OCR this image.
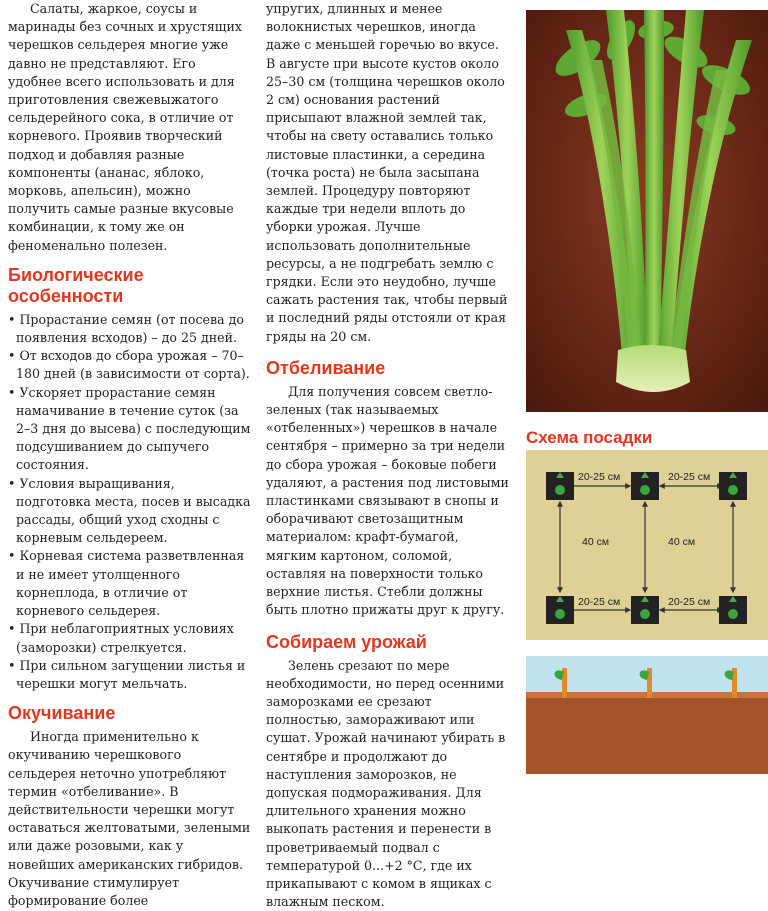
Салаты, жаркое, соусы и маринады без сочных и хрустящих черешков сельдерея многие уже давно не представляют. Его удобнее всего использовать и для приготовления свежевыжатого сельдерейного сока, в отличие от корневого. Проявив творческий подход и добавляя разные компоненты (ананас, яблоко, морковь, апельсин), можно получить самые разные вкусовые комбинации, к тому же он феноменально полезен.

Биологические особенности
• Прорастание семян (от посева до появления всходов) – до 25 дней.
• От всходов до сбора урожая – 70–180 дней (в зависимости от сорта).
• Ускоряет прорастание семян намачивание в течение суток (за 2–3 дня до высева) с последующим подсушиванием до сыпучего состояния.
• Условия выращивания, подготовка места, посев и высадка рассады, общий уход сходны с корневым сельдереем.
• Корневая система разветвленная и не имеет утолщенного корнеплода, в отличие от корневого сельдерея.
• При неблагоприятных условиях (заморозки) стрелкуется.
• При сильном загущении листья и черешки могут мельчать.
Окучивание

Иногда применительно к окучиванию черешкового сельдерея неточно употребляют термин «отбеливание». В действительности черешки могут оставаться желтоватыми, зелеными или даже розовыми, как у новейших американских гибридов. Окучивание стимулирует формирование более

упругих, длинных и менее волокнистых черешков, иногда даже с меньшей горечью во вкусе. В августе при высоте кустов около 25–30 см (толщина черешков около 2 см) основания растений присыпают влажной землей так, чтобы на свету оставались только листовые пластинки, а середина (точка роста) не была засыпана землей. Процедуру повторяют каждые три недели вплоть до уборки урожая. Лучше использовать дополнительные ресурсы, а не подгребать землю с грядки. Если это неудобно, лучше сажать растения так, чтобы первый и последний ряды отстояли от края гряды на 20 см.

Отбеливание

Для получения совсем светло-зеленых (так называемых «отбеленных») черешков в начале сентября – примерно за три недели до сбора урожая – боковые побеги удаляют, а растения под листовыми пластинками связывают в снопы и оборачивают светозащитным материалом: крафт-бумагой, мягким картоном, соломой, оставляя на поверхности только верхние листья. Стебли должны быть плотно прижаты друг к другу.

Собираем урожай

Зелень срезают по мере необходимости, но перед осенними заморозками ее срезают полностью, замораживают или сушат. Урожай начинают убирать в сентябре и продолжают до наступления заморозков, не допуская подмораживания. Для длительного хранения можно выкопать растения и перенести в проветриваемый подвал с температурой 0...+2 °С, где их прикапывают с комом в ящиках с влажным песком.

Схема посадки
20-25 см	20-25 см
20-25 см	20-25 см
40 см	40 см
